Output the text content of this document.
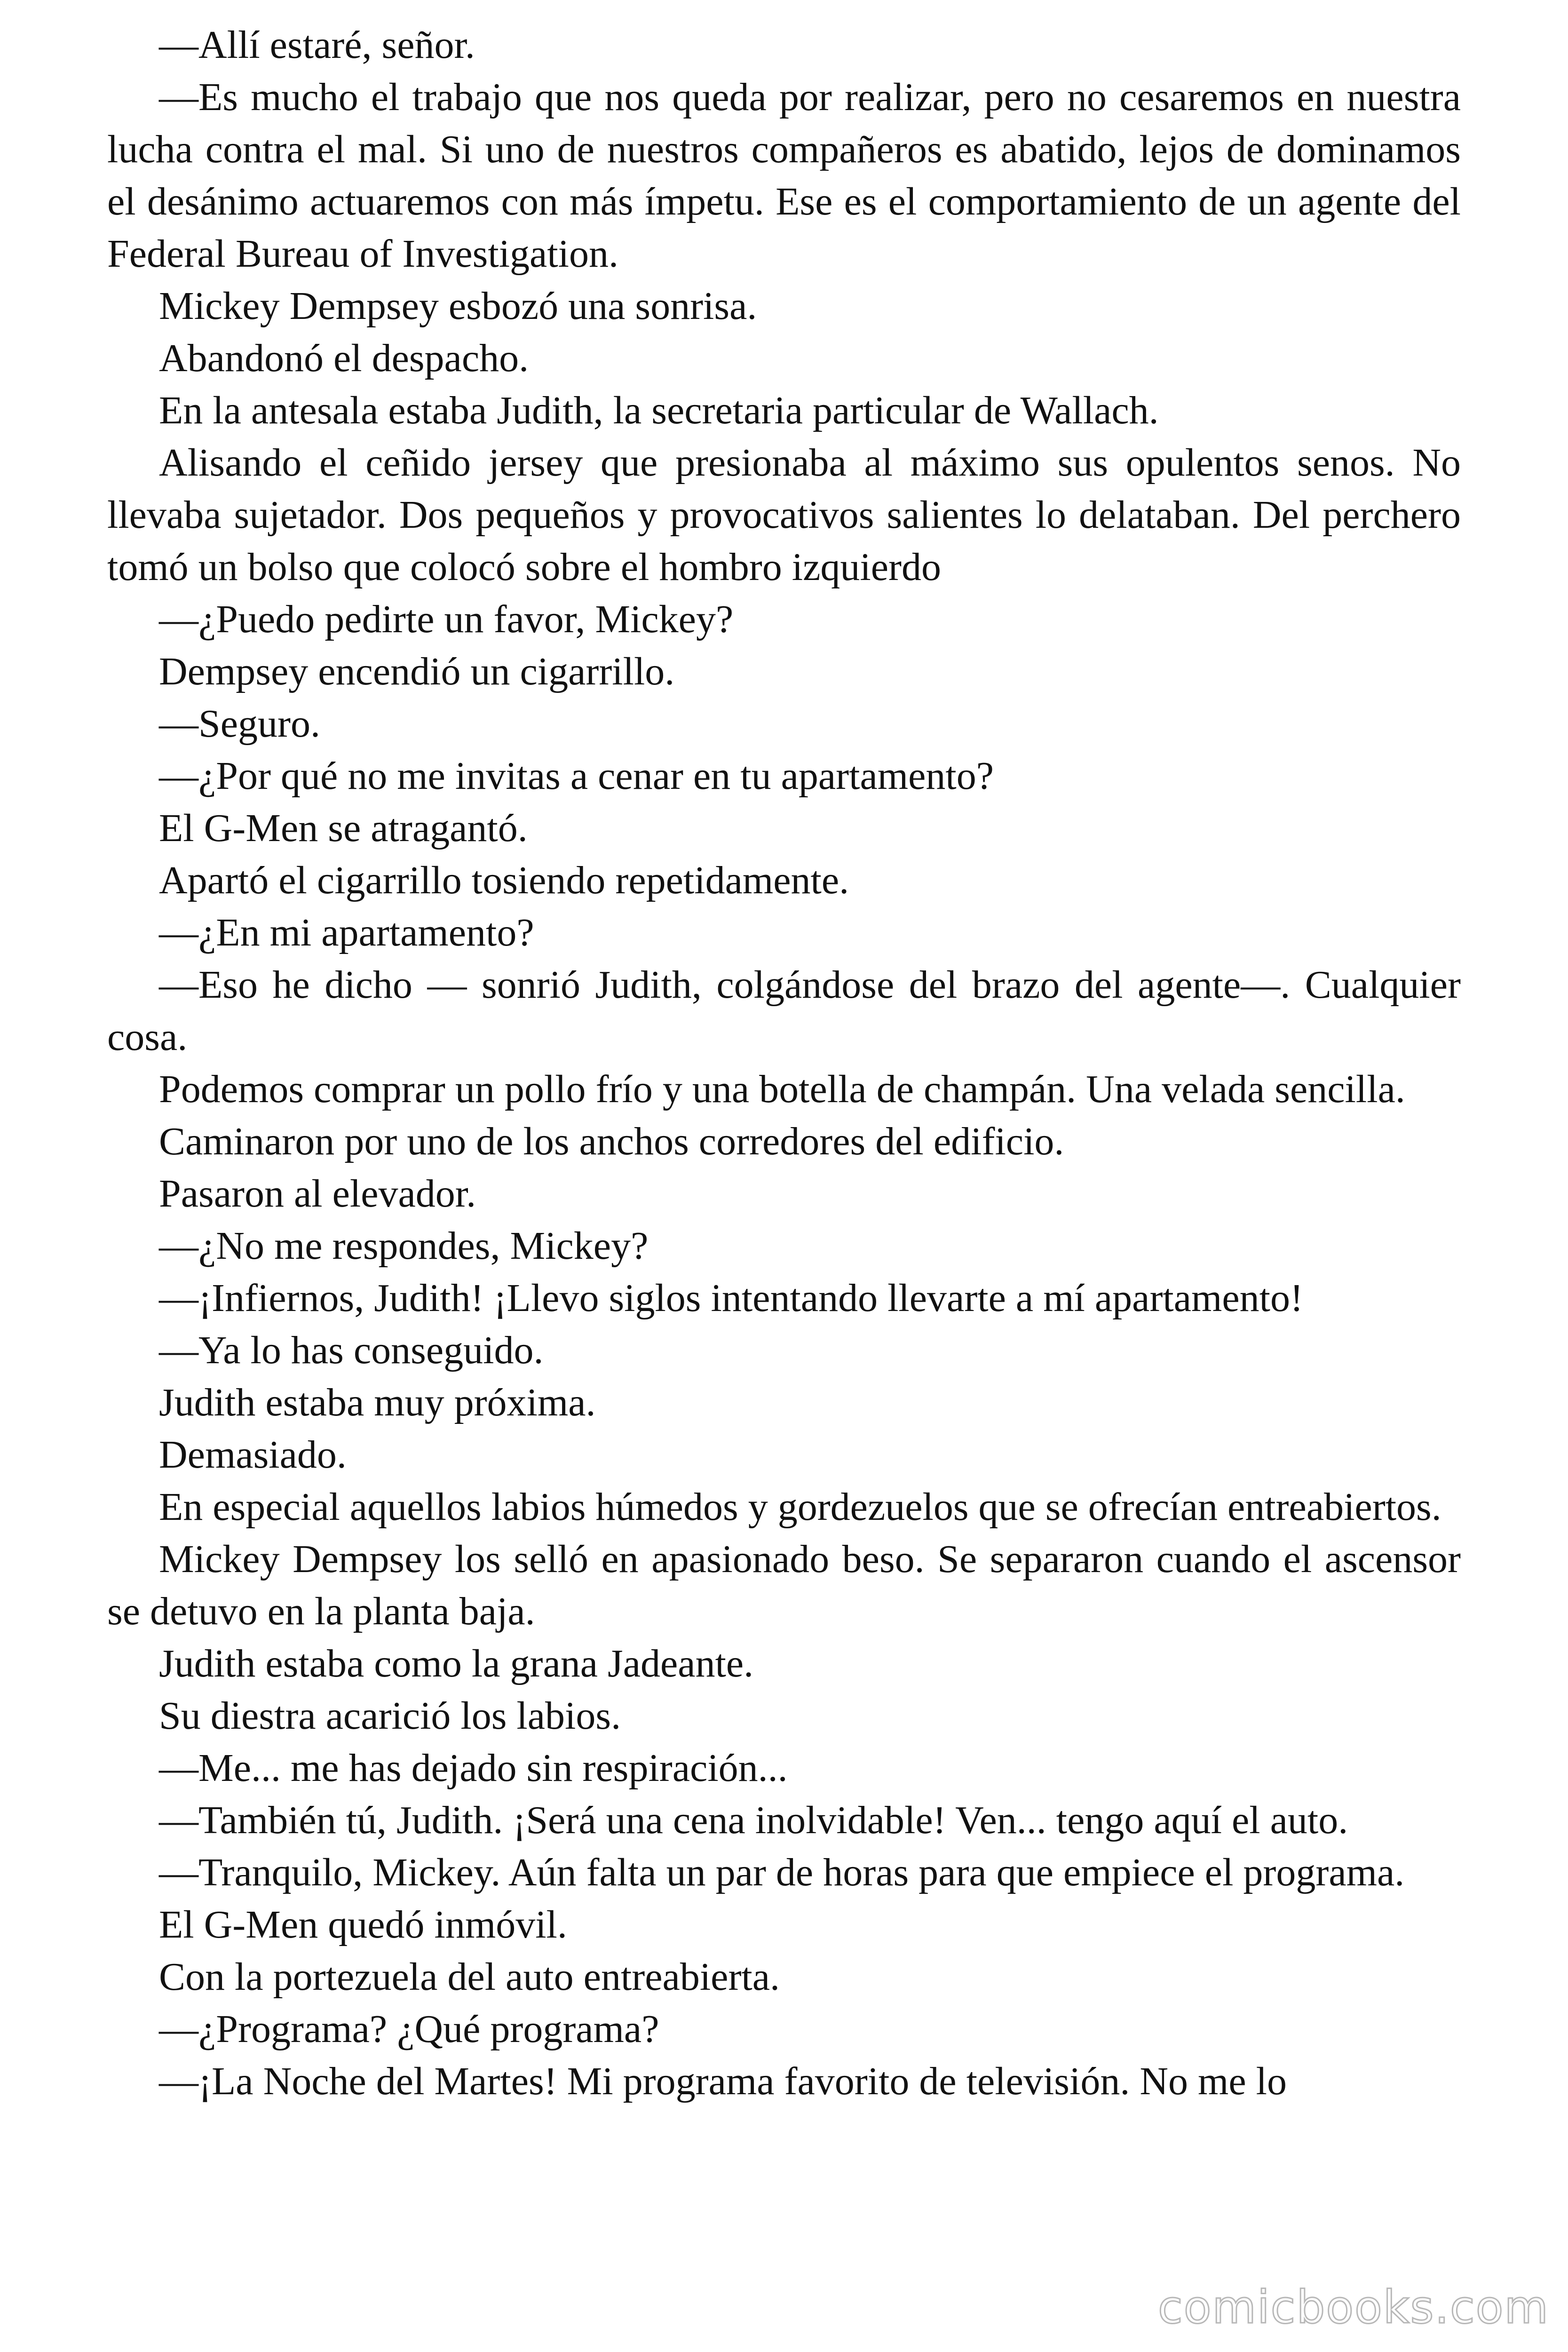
—Allí estaré, señor.

—Es mucho el trabajo que nos queda por realizar, pero no cesaremos en nuestra lucha contra el mal. Si uno de nuestros compañeros es abatido, lejos de dominamos el desánimo actuaremos con más ímpetu. Ese es el comportamiento de un agente del Federal Bureau of Investigation.

Mickey Dempsey esbozó una sonrisa.

Abandonó el despacho.

En la antesala estaba Judith, la secretaria particular de Wallach.

Alisando el ceñido jersey que presionaba al máximo sus opulentos senos. No llevaba sujetador. Dos pequeños y provocativos salientes lo delataban. Del perchero tomó un bolso que colocó sobre el hombro izquierdo

—¿Puedo pedirte un favor, Mickey?

Dempsey encendió un cigarrillo.

—Seguro.

—¿Por qué no me invitas a cenar en tu apartamento?

El G-Men se atragantó.

Apartó el cigarrillo tosiendo repetidamente.

—¿En mi apartamento?

—Eso he dicho — sonrió Judith, colgándose del brazo del agente—. Cualquier cosa.

Podemos comprar un pollo frío y una botella de champán. Una velada sencilla.

Caminaron por uno de los anchos corredores del edificio.

Pasaron al elevador.

—¿No me respondes, Mickey?

—¡Infiernos, Judith! ¡Llevo siglos intentando llevarte a mí apartamento!

—Ya lo has conseguido.

Judith estaba muy próxima.

Demasiado.

En especial aquellos labios húmedos y gordezuelos que se ofrecían entreabiertos.

Mickey Dempsey los selló en apasionado beso. Se separaron cuando el ascensor se detuvo en la planta baja.

Judith estaba como la grana Jadeante.

Su diestra acarició los labios.

—Me... me has dejado sin respiración...

—También tú, Judith. ¡Será una cena inolvidable! Ven... tengo aquí el auto.

—Tranquilo, Mickey. Aún falta un par de horas para que empiece el programa.

El G-Men quedó inmóvil.

Con la portezuela del auto entreabierta.

—¿Programa? ¿Qué programa?

—¡La Noche del Martes! Mi programa favorito de televisión. No me lo

comicbooks.com
